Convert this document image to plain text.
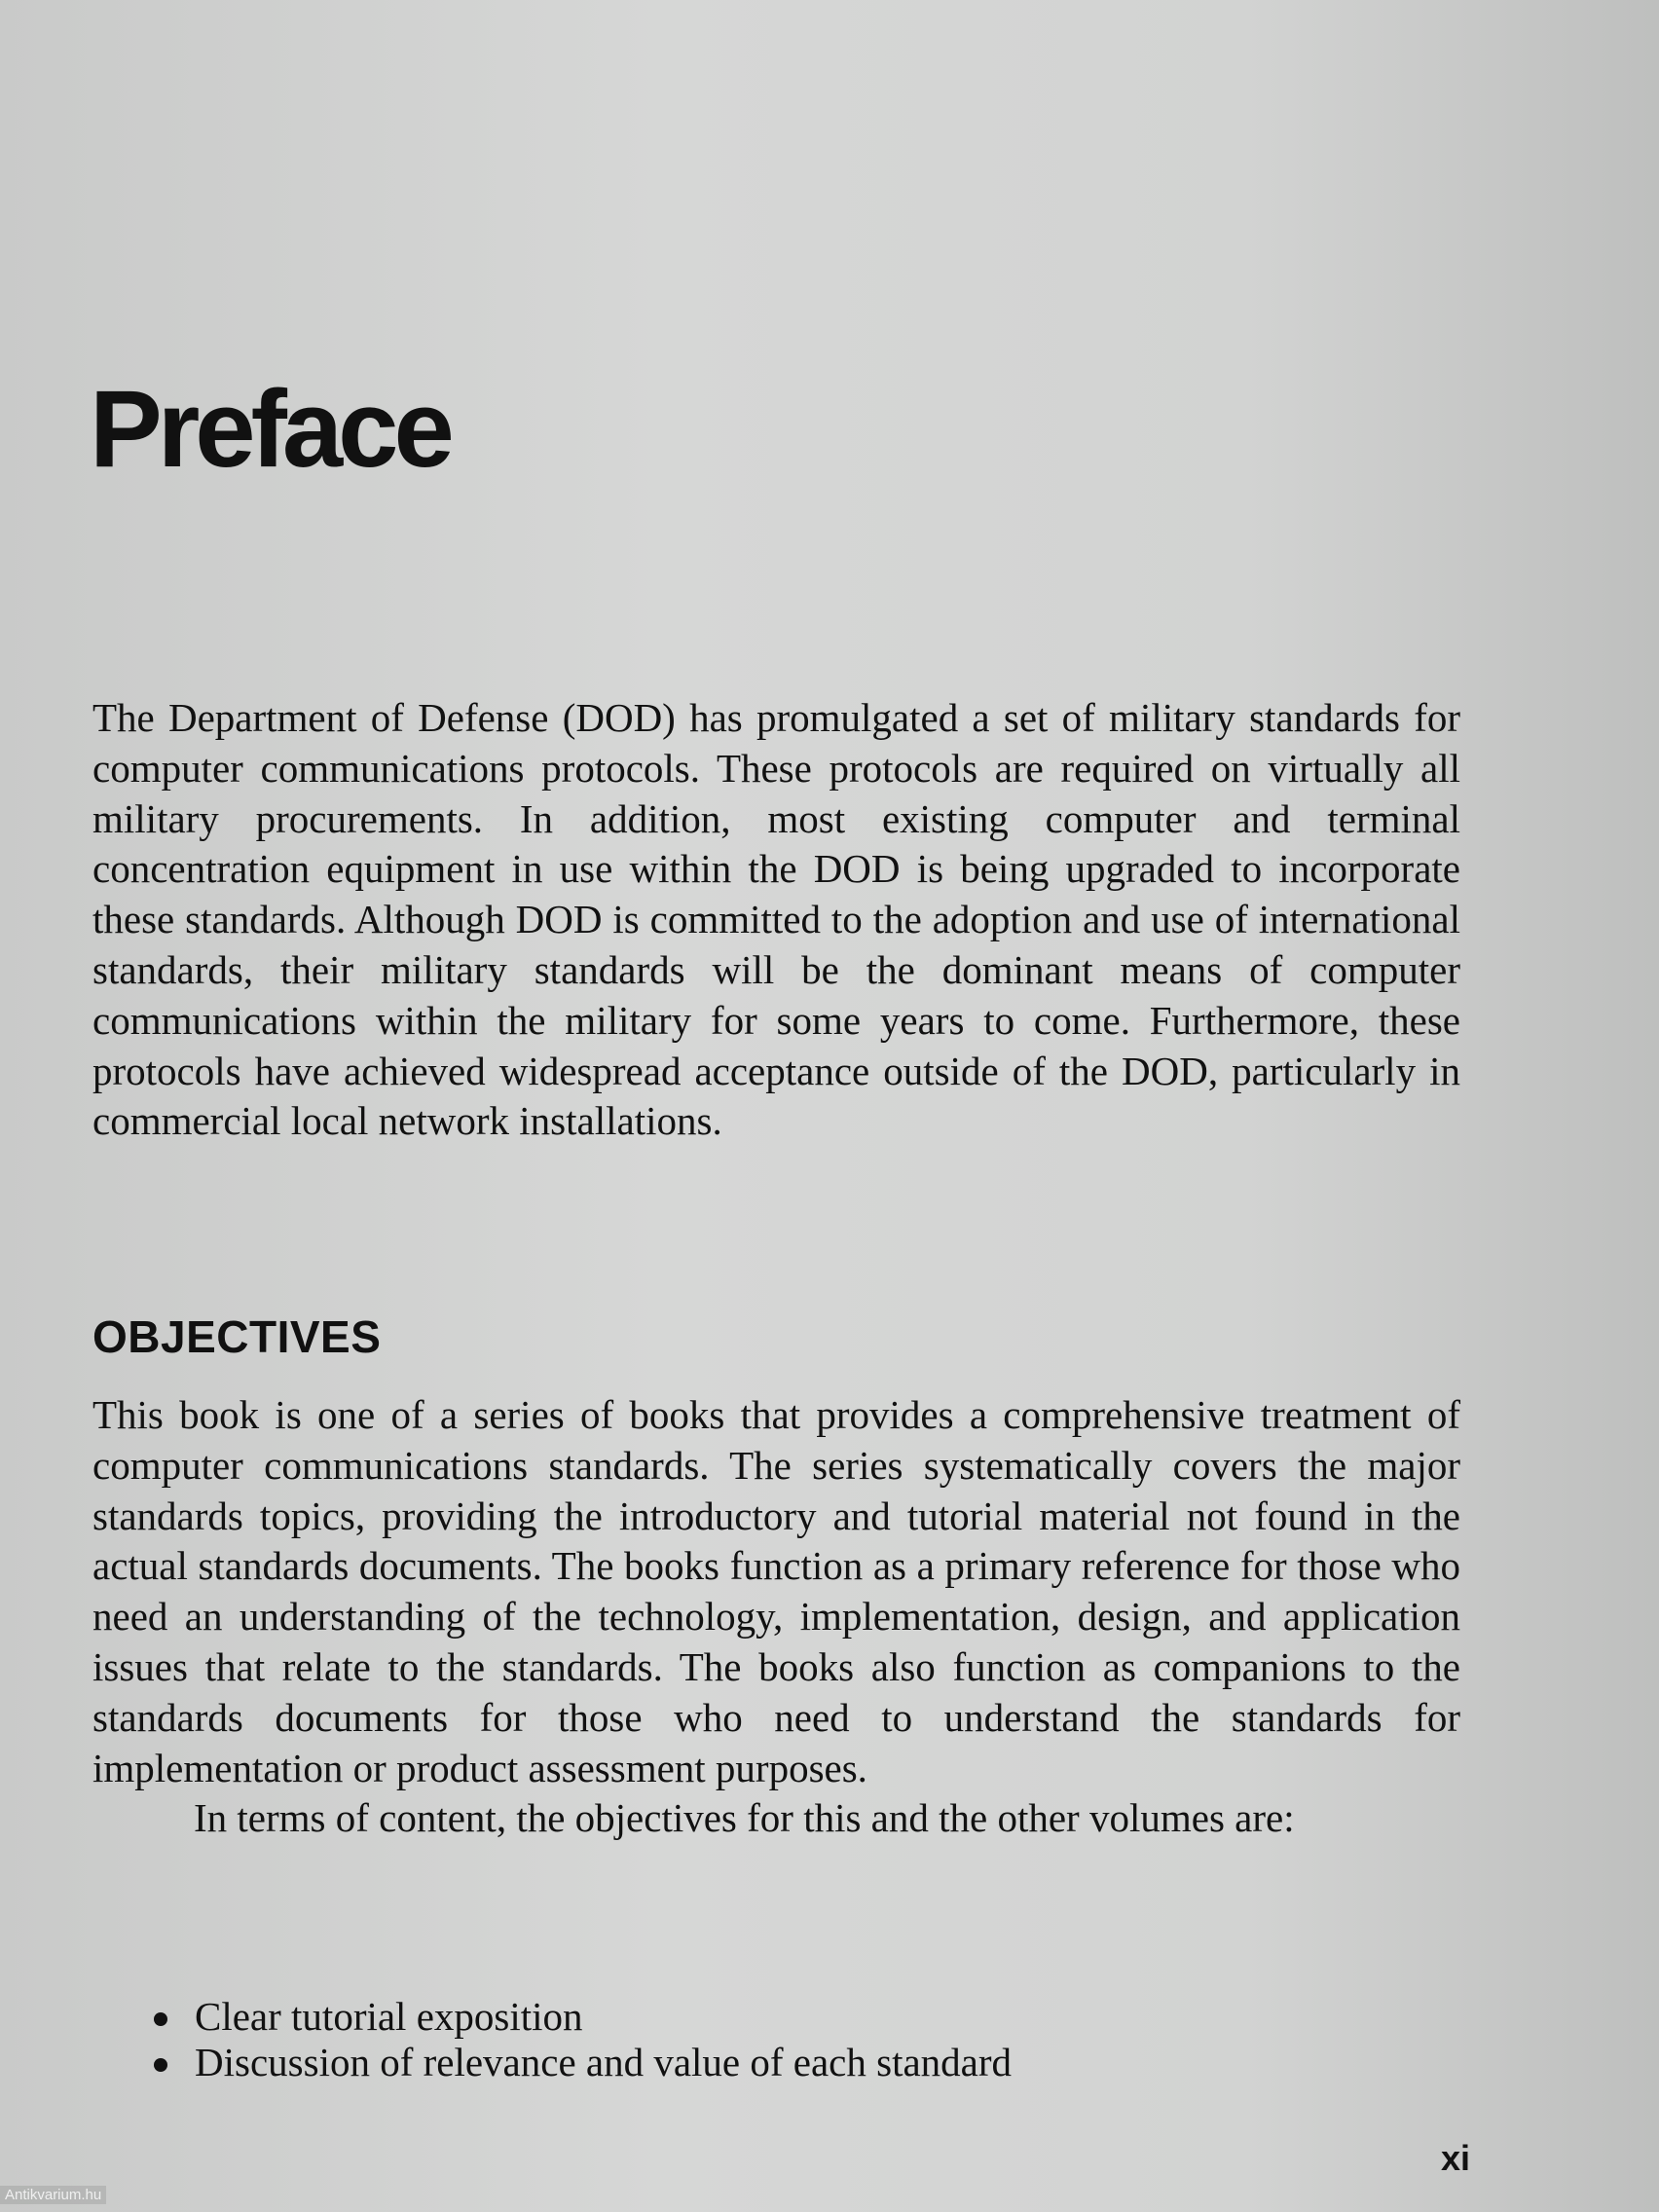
Preface

The Department of Defense (DOD) has promulgated a set of military standards for computer communications protocols. These protocols are required on virtually all military procurements. In addition, most existing computer and terminal concentration equipment in use within the DOD is being upgraded to incorporate these standards. Although DOD is committed to the adoption and use of international standards, their military standards will be the dominant means of computer communications within the military for some years to come. Furthermore, these protocols have achieved widespread acceptance outside of the DOD, particularly in commercial local network installations.

OBJECTIVES

This book is one of a series of books that provides a comprehensive treatment of computer communications standards. The series systematically covers the major standards topics, providing the introductory and tutorial material not found in the actual standards documents. The books function as a primary reference for those who need an understanding of the technology, implementation, design, and application issues that relate to the standards. The books also function as companions to the standards documents for those who need to understand the standards for implementation or product assessment purposes.

In terms of content, the objectives for this and the other volumes are:

Clear tutorial exposition
Discussion of relevance and value of each standard
xi
Antikvarium.hu
